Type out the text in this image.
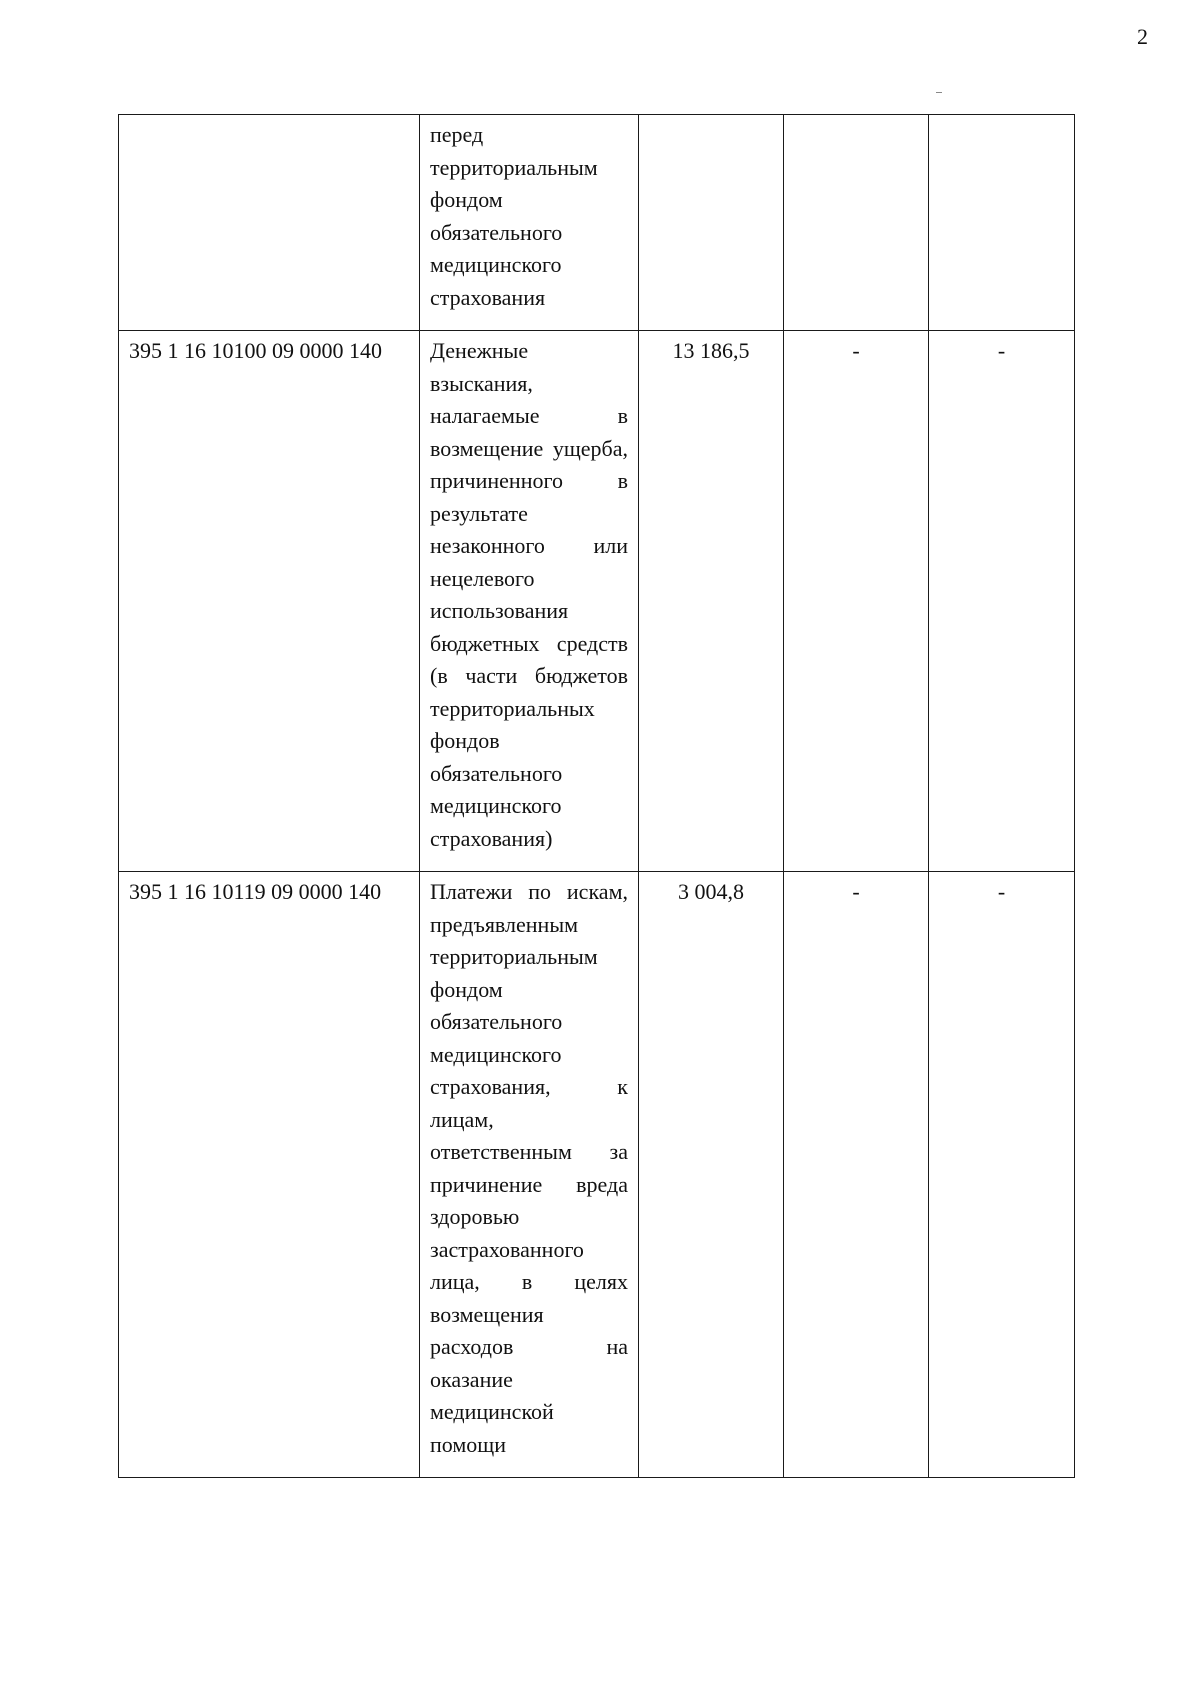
2
	перед территориальным фондом обязательного медицинского страхования			
395 1 16 10100 09 0000 140	Денежные взыскания, налагаемые в возмещение ущерба, причиненного в результате незаконного или нецелевого использования бюджетных средств (в части бюджетов территориальных фондов обязательного медицинского страхования)	13 186,5	-	-
395 1 16 10119 09 0000 140	Платежи по искам, предъявленным территориальным фондом обязательного медицинского страхования, к лицам, ответственным за причинение вреда здоровью застрахованного лица, в целях возмещения расходов на оказание медицинской помощи	3 004,8	-	-
